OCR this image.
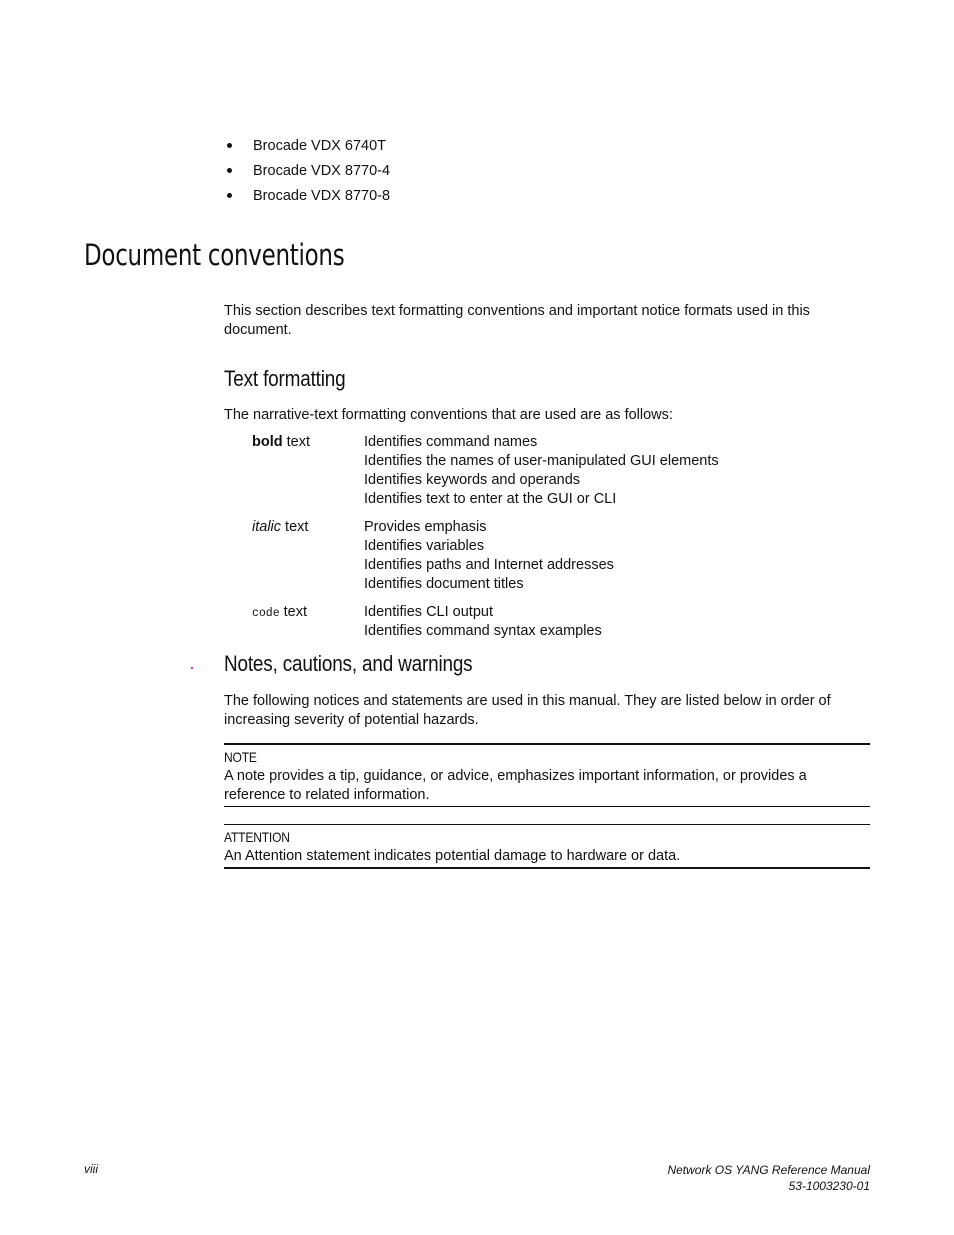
Brocade VDX 6740T
Brocade VDX 8770-4
Brocade VDX 8770-8
Document conventions

This section describes text formatting conventions and important notice formats used in this document.

Text formatting

The narrative-text formatting conventions that are used are as follows:

bold text	Identifies command names
Identifies the names of user-manipulated GUI elements
Identifies keywords and operands
Identifies text to enter at the GUI or CLI

italic text	Provides emphasis
Identifies variables
Identifies paths and Internet addresses
Identifies document titles

code text	Identifies CLI output
Identifies command syntax examples
Notes, cautions, and warnings

The following notices and statements are used in this manual. They are listed below in order of increasing severity of potential hazards.

NOTE
A note provides a tip, guidance, or advice, emphasizes important information, or provides a reference to related information.
ATTENTION
An Attention statement indicates potential damage to hardware or data.
viii	Network OS YANG Reference Manual
53-1003230-01
